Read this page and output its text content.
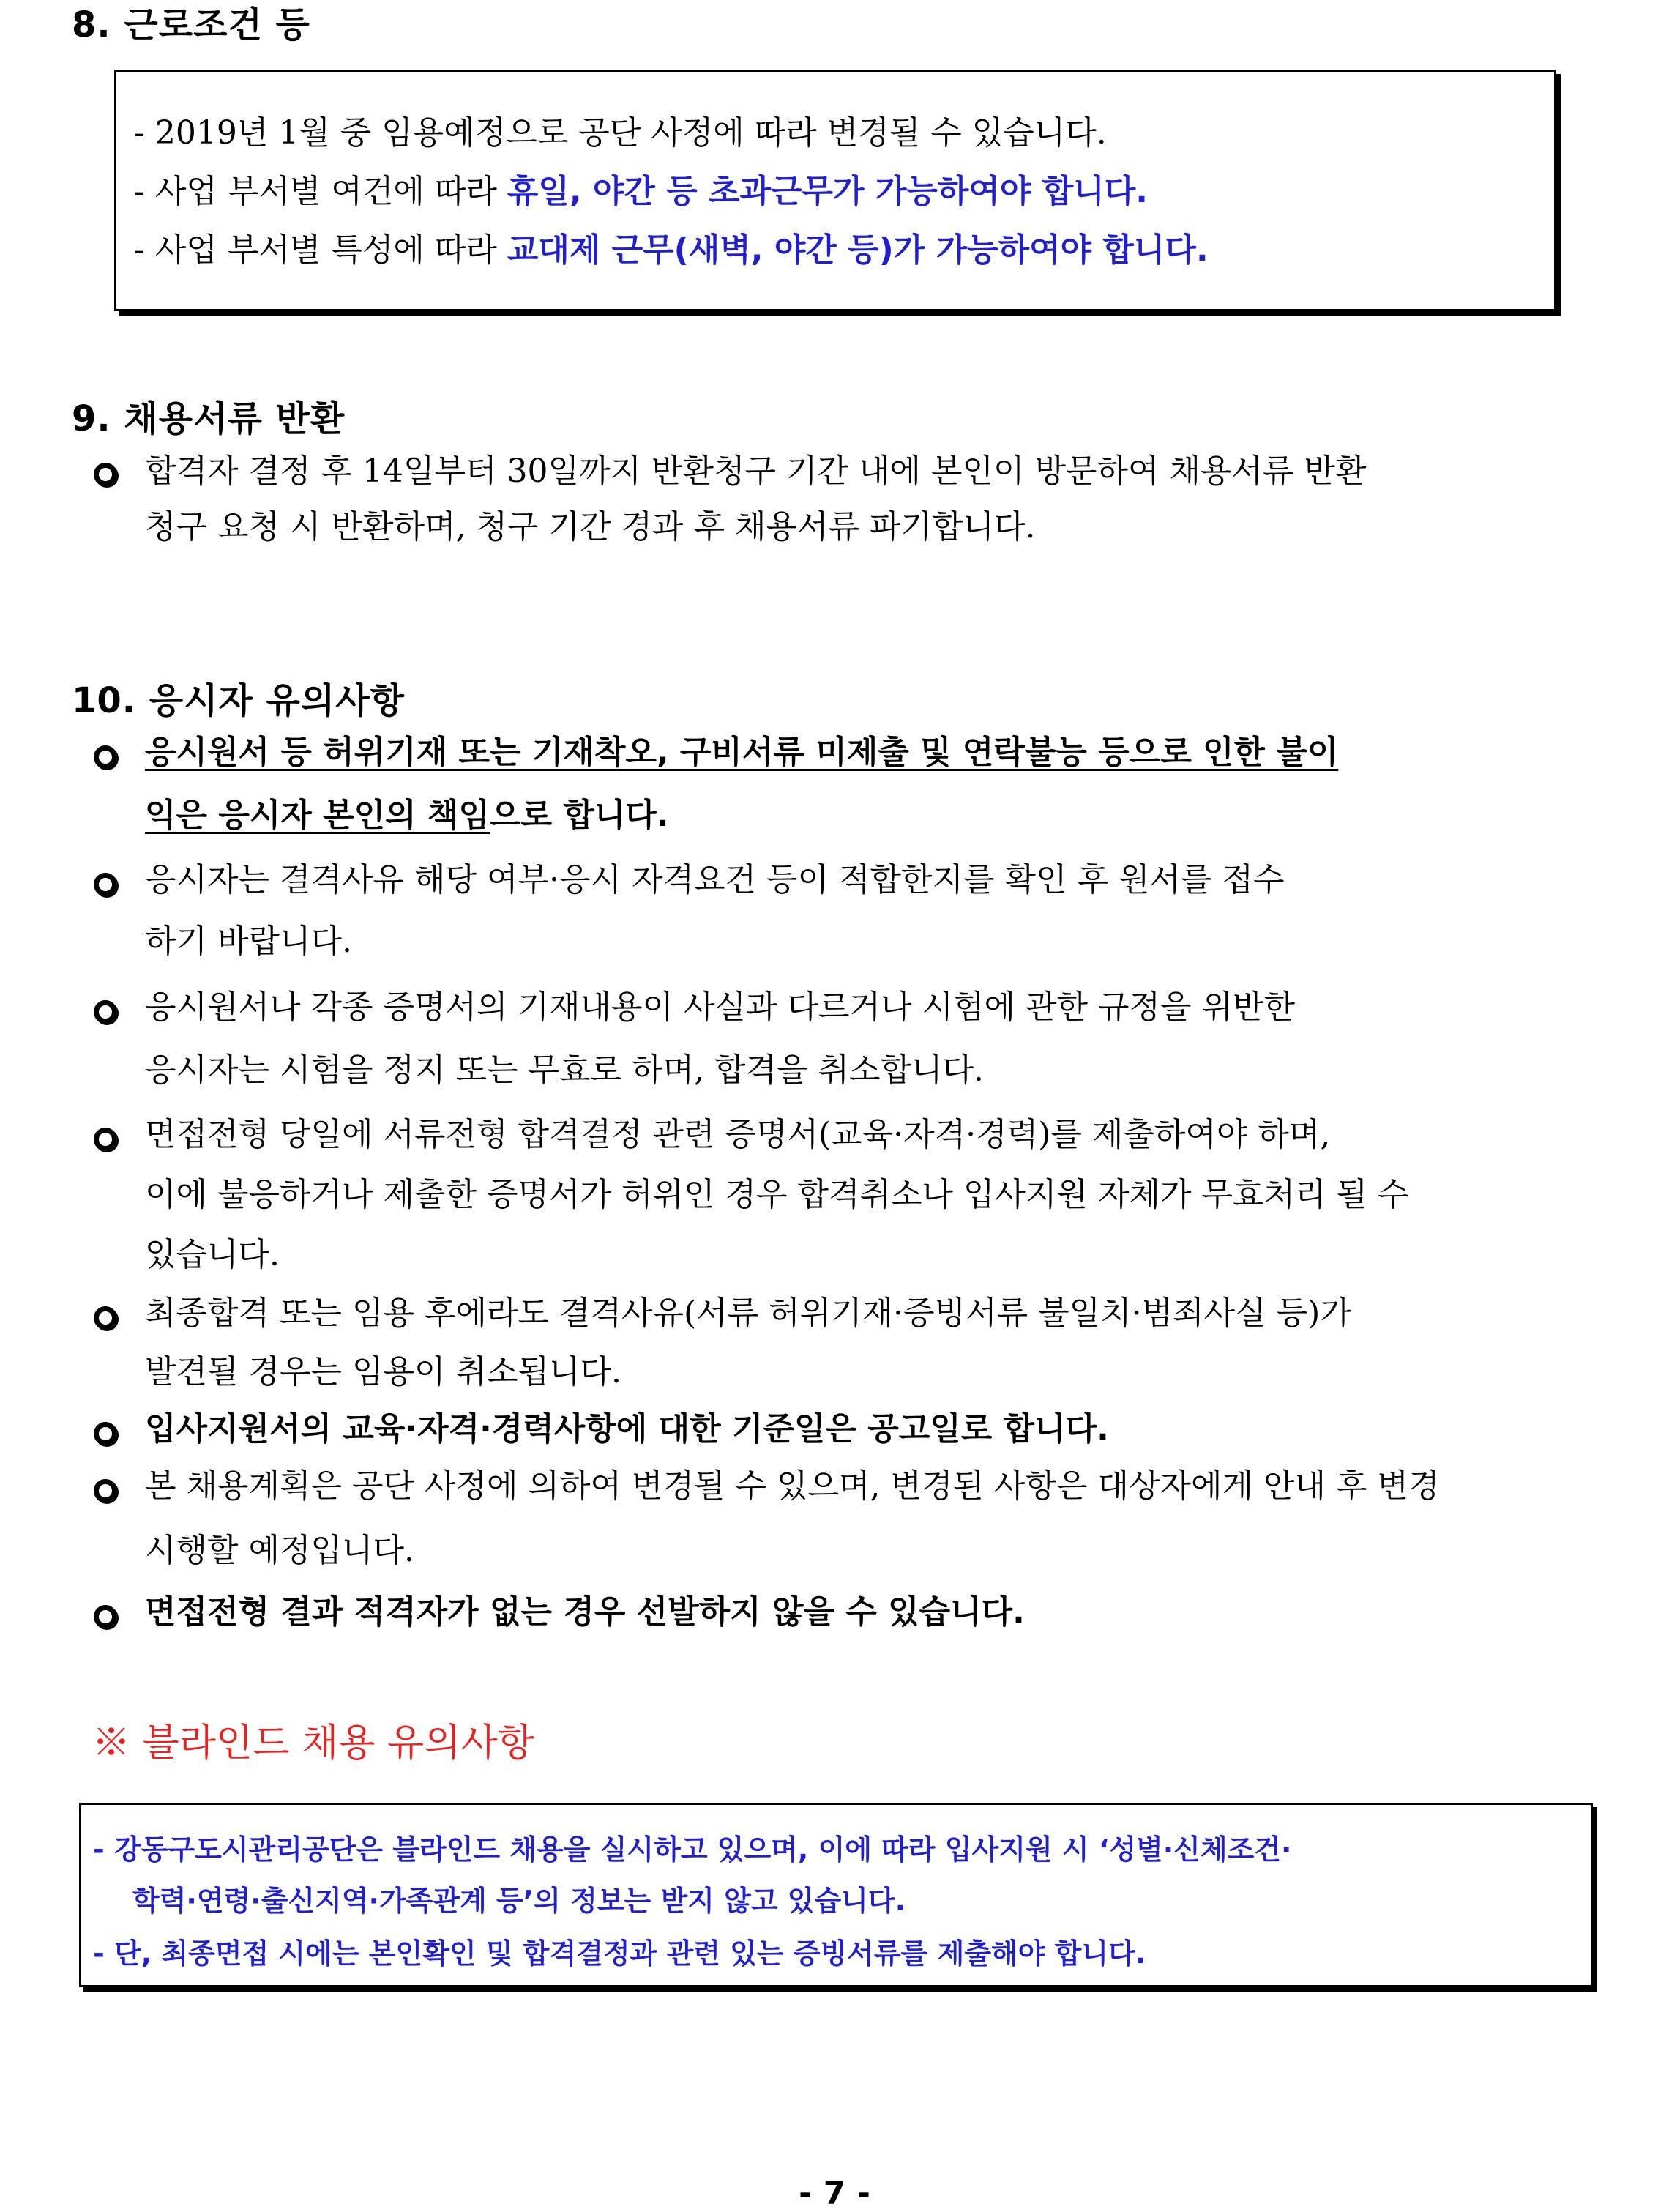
8. 근로조건 등

- 2019년 1월 중 임용예정으로 공단 사정에 따라 변경될 수 있습니다.

- 사업 부서별 여건에 따라 휴일, 야간 등 초과근무가 가능하여야 합니다.

- 사업 부서별 특성에 따라 교대제 근무(새벽, 야간 등)가 가능하여야 합니다.

9. 채용서류 반환

합격자 결정 후 14일부터 30일까지 반환청구 기간 내에 본인이 방문하여 채용서류 반환

청구 요청 시 반환하며, 청구 기간 경과 후 채용서류 파기합니다.

10. 응시자 유의사항

응시원서 등 허위기재 또는 기재착오, 구비서류 미제출 및 연락불능 등으로 인한 불이

익은 응시자 본인의 책임으로 합니다.

응시자는 결격사유 해당 여부·응시 자격요건 등이 적합한지를 확인 후 원서를 접수

하기 바랍니다.

응시원서나 각종 증명서의 기재내용이 사실과 다르거나 시험에 관한 규정을 위반한

응시자는 시험을 정지 또는 무효로 하며, 합격을 취소합니다.

면접전형 당일에 서류전형 합격결정 관련 증명서(교육·자격·경력)를 제출하여야 하며,

이에 불응하거나 제출한 증명서가 허위인 경우 합격취소나 입사지원 자체가 무효처리 될 수

있습니다.

최종합격 또는 임용 후에라도 결격사유(서류 허위기재·증빙서류 불일치·범죄사실 등)가

발견될 경우는 임용이 취소됩니다.

입사지원서의 교육·자격·경력사항에 대한 기준일은 공고일로 합니다.

본 채용계획은 공단 사정에 의하여 변경될 수 있으며, 변경된 사항은 대상자에게 안내 후 변경

시행할 예정입니다.

면접전형 결과 적격자가 없는 경우 선발하지 않을 수 있습니다.

※ 블라인드 채용 유의사항

- 강동구도시관리공단은 블라인드 채용을 실시하고 있으며, 이에 따라 입사지원 시 ‘성별·신체조건·

학력·연령·출신지역·가족관계 등’의 정보는 받지 않고 있습니다.

- 단, 최종면접 시에는 본인확인 및 합격결정과 관련 있는 증빙서류를 제출해야 합니다.

- 7 -
